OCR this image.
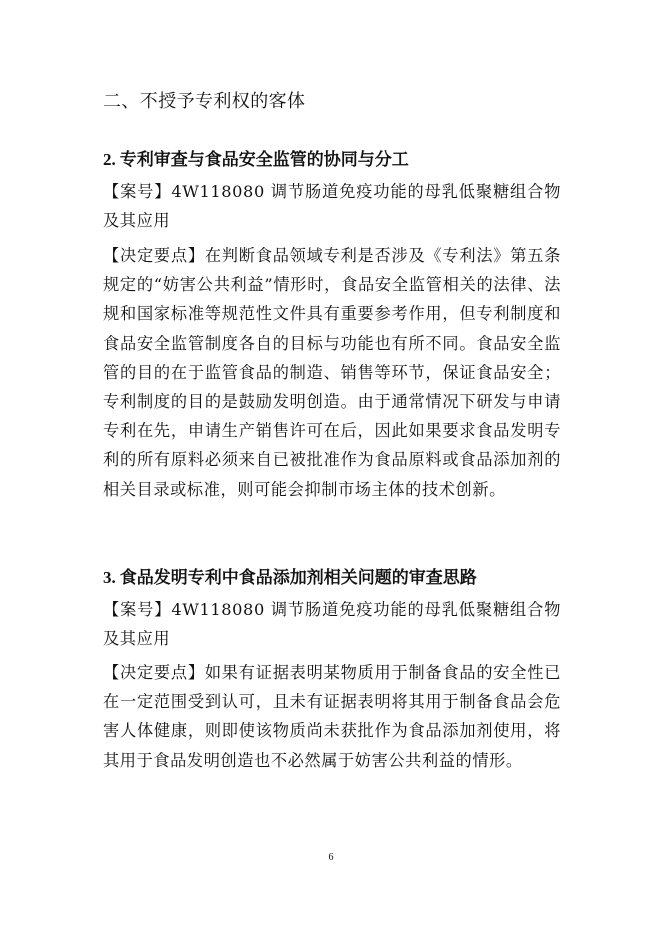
二、不授予专利权的客体
2. 专利审查与食品安全监管的协同与分工
【案号】4W118080 调节肠道免疫功能的母乳低聚糖组合物及其应用
【决定要点】在判断食品领域专利是否涉及《专利法》第五条规定的“妨害公共利益”情形时，食品安全监管相关的法律、法规和国家标准等规范性文件具有重要参考作用，但专利制度和食品安全监管制度各自的目标与功能也有所不同。食品安全监管的目的在于监管食品的制造、销售等环节，保证食品安全；专利制度的目的是鼓励发明创造。由于通常情况下研发与申请专利在先，申请生产销售许可在后，因此如果要求食品发明专利的所有原料必须来自已被批准作为食品原料或食品添加剂的相关目录或标准，则可能会抑制市场主体的技术创新。
3. 食品发明专利中食品添加剂相关问题的审查思路
【案号】4W118080 调节肠道免疫功能的母乳低聚糖组合物及其应用
【决定要点】如果有证据表明某物质用于制备食品的安全性已在一定范围受到认可，且未有证据表明将其用于制备食品会危害人体健康，则即使该物质尚未获批作为食品添加剂使用，将其用于食品发明创造也不必然属于妨害公共利益的情形。
6
